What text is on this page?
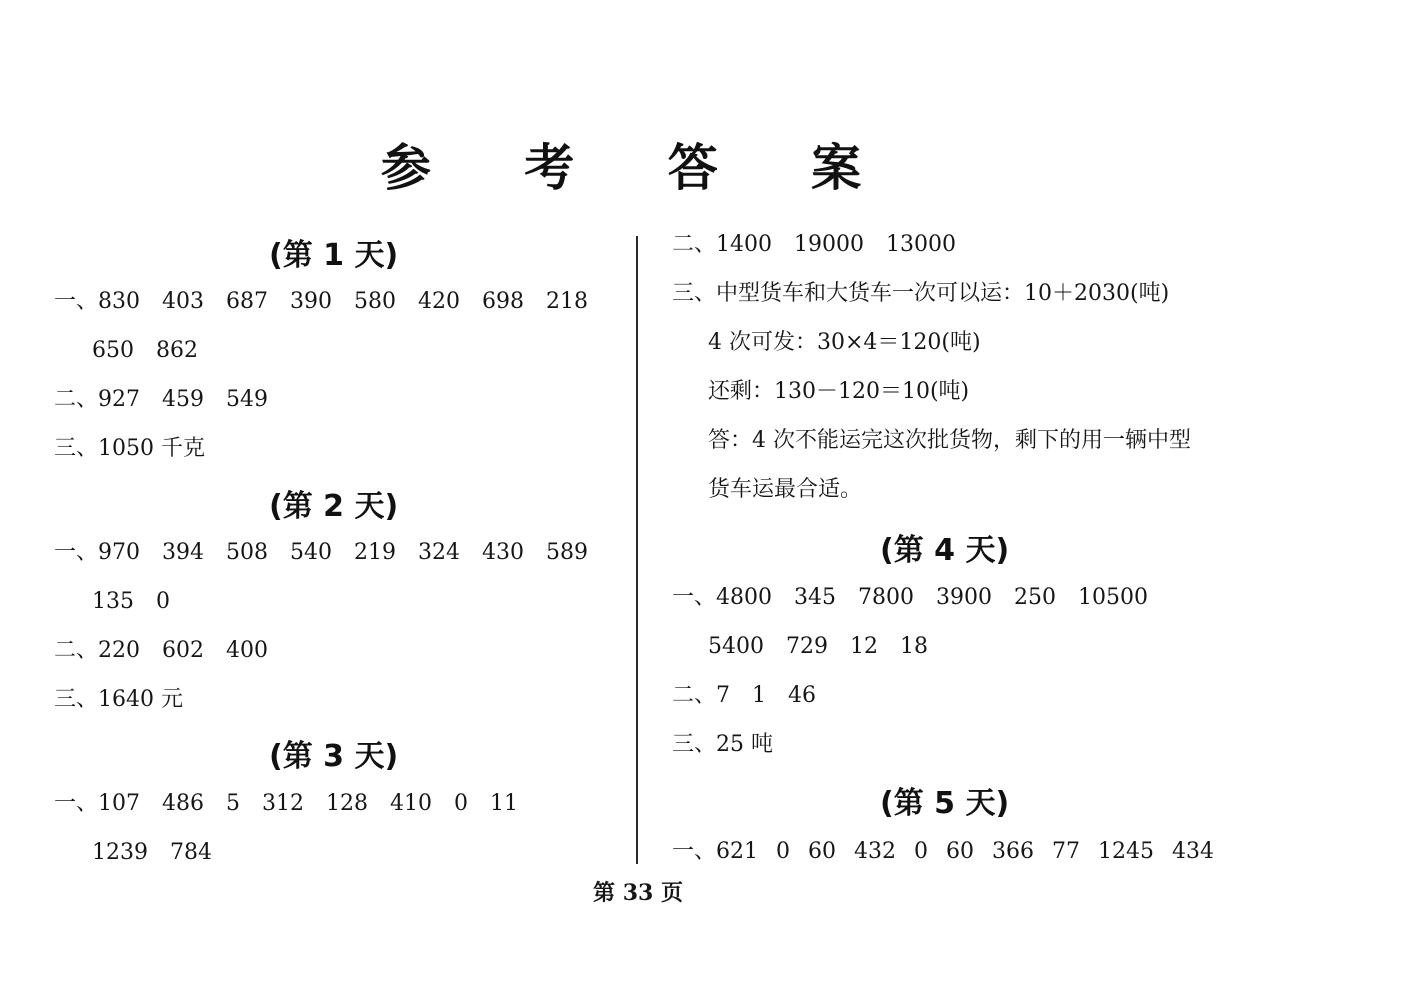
参 考 答 案
(第 1 天)
一、830 403 687 390 580 420 698 218
650 862
二、927 459 549
三、1050 千克
(第 2 天)
一、970 394 508 540 219 324 430 589
135 0
二、220 602 400
三、1640 元
(第 3 天)
一、107 486 5 312 128 410 0 11
1239 784
二、1400 19000 13000
三、中型货车和大货车一次可以运：10＋2030(吨)
4 次可发：30×4＝120(吨)
还剩：130－120＝10(吨)
答：4 次不能运完这次批货物，剩下的用一辆中型
货车运最合适。
(第 4 天)
一、4800 345 7800 3900 250 10500
5400 729 12 18
二、7 1 46
三、25 吨
(第 5 天)
一、621 0 60 432 0 60 366 77 1245 434
第 33 页
